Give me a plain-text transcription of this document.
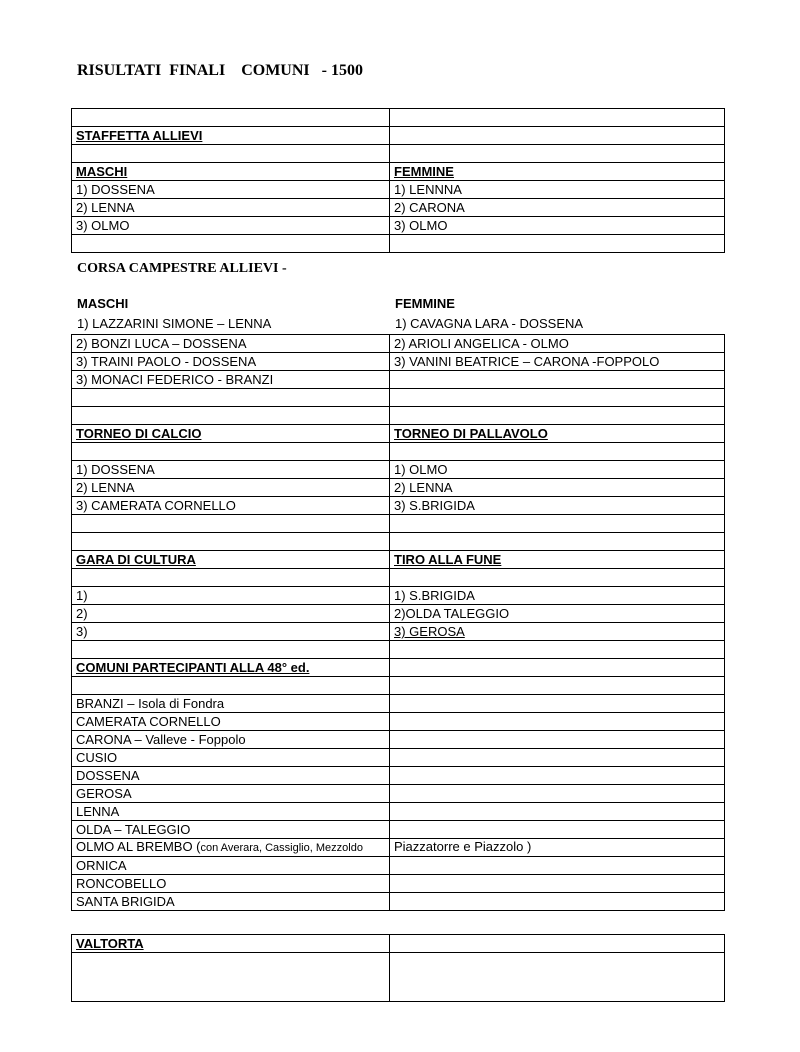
RISULTATI  FINALI    COMUNI   - 1500

STAFFETTA ALLIEVI	

MASCHI	FEMMINE
1) DOSSENA	1) LENNNA
2) LENNA	2) CARONA
3) OLMO	3) OLMO

CORSA CAMPESTRE ALLIEVI -
MASCHI	FEMMINE
1) LAZZARINI SIMONE – LENNA	1) CAVAGNA LARA - DOSSENA
2) BONZI LUCA – DOSSENA	2) ARIOLI ANGELICA - OLMO
3) TRAINI PAOLO - DOSSENA	3) VANINI BEATRICE – CARONA -FOPPOLO
3) MONACI FEDERICO - BRANZI	

TORNEO DI CALCIO	TORNEO DI PALLAVOLO

1) DOSSENA	1) OLMO
2) LENNA	2) LENNA
3) CAMERATA CORNELLO	3) S.BRIGIDA

GARA DI CULTURA	TIRO ALLA FUNE

1)	1) S.BRIGIDA
2)	2)OLDA TALEGGIO
3)	3) GEROSA

COMUNI PARTECIPANTI ALLA 48° ed.	

BRANZI – Isola di Fondra	
CAMERATA CORNELLO	
CARONA – Valleve - Foppolo	
CUSIO	
DOSSENA	
GEROSA	
LENNA	
OLDA – TALEGGIO	
OLMO AL BREMBO (con Averara, Cassiglio, Mezzoldo	Piazzatorre e Piazzolo )
ORNICA	
RONCOBELLO	
SANTA BRIGIDA	
VALTORTA	
